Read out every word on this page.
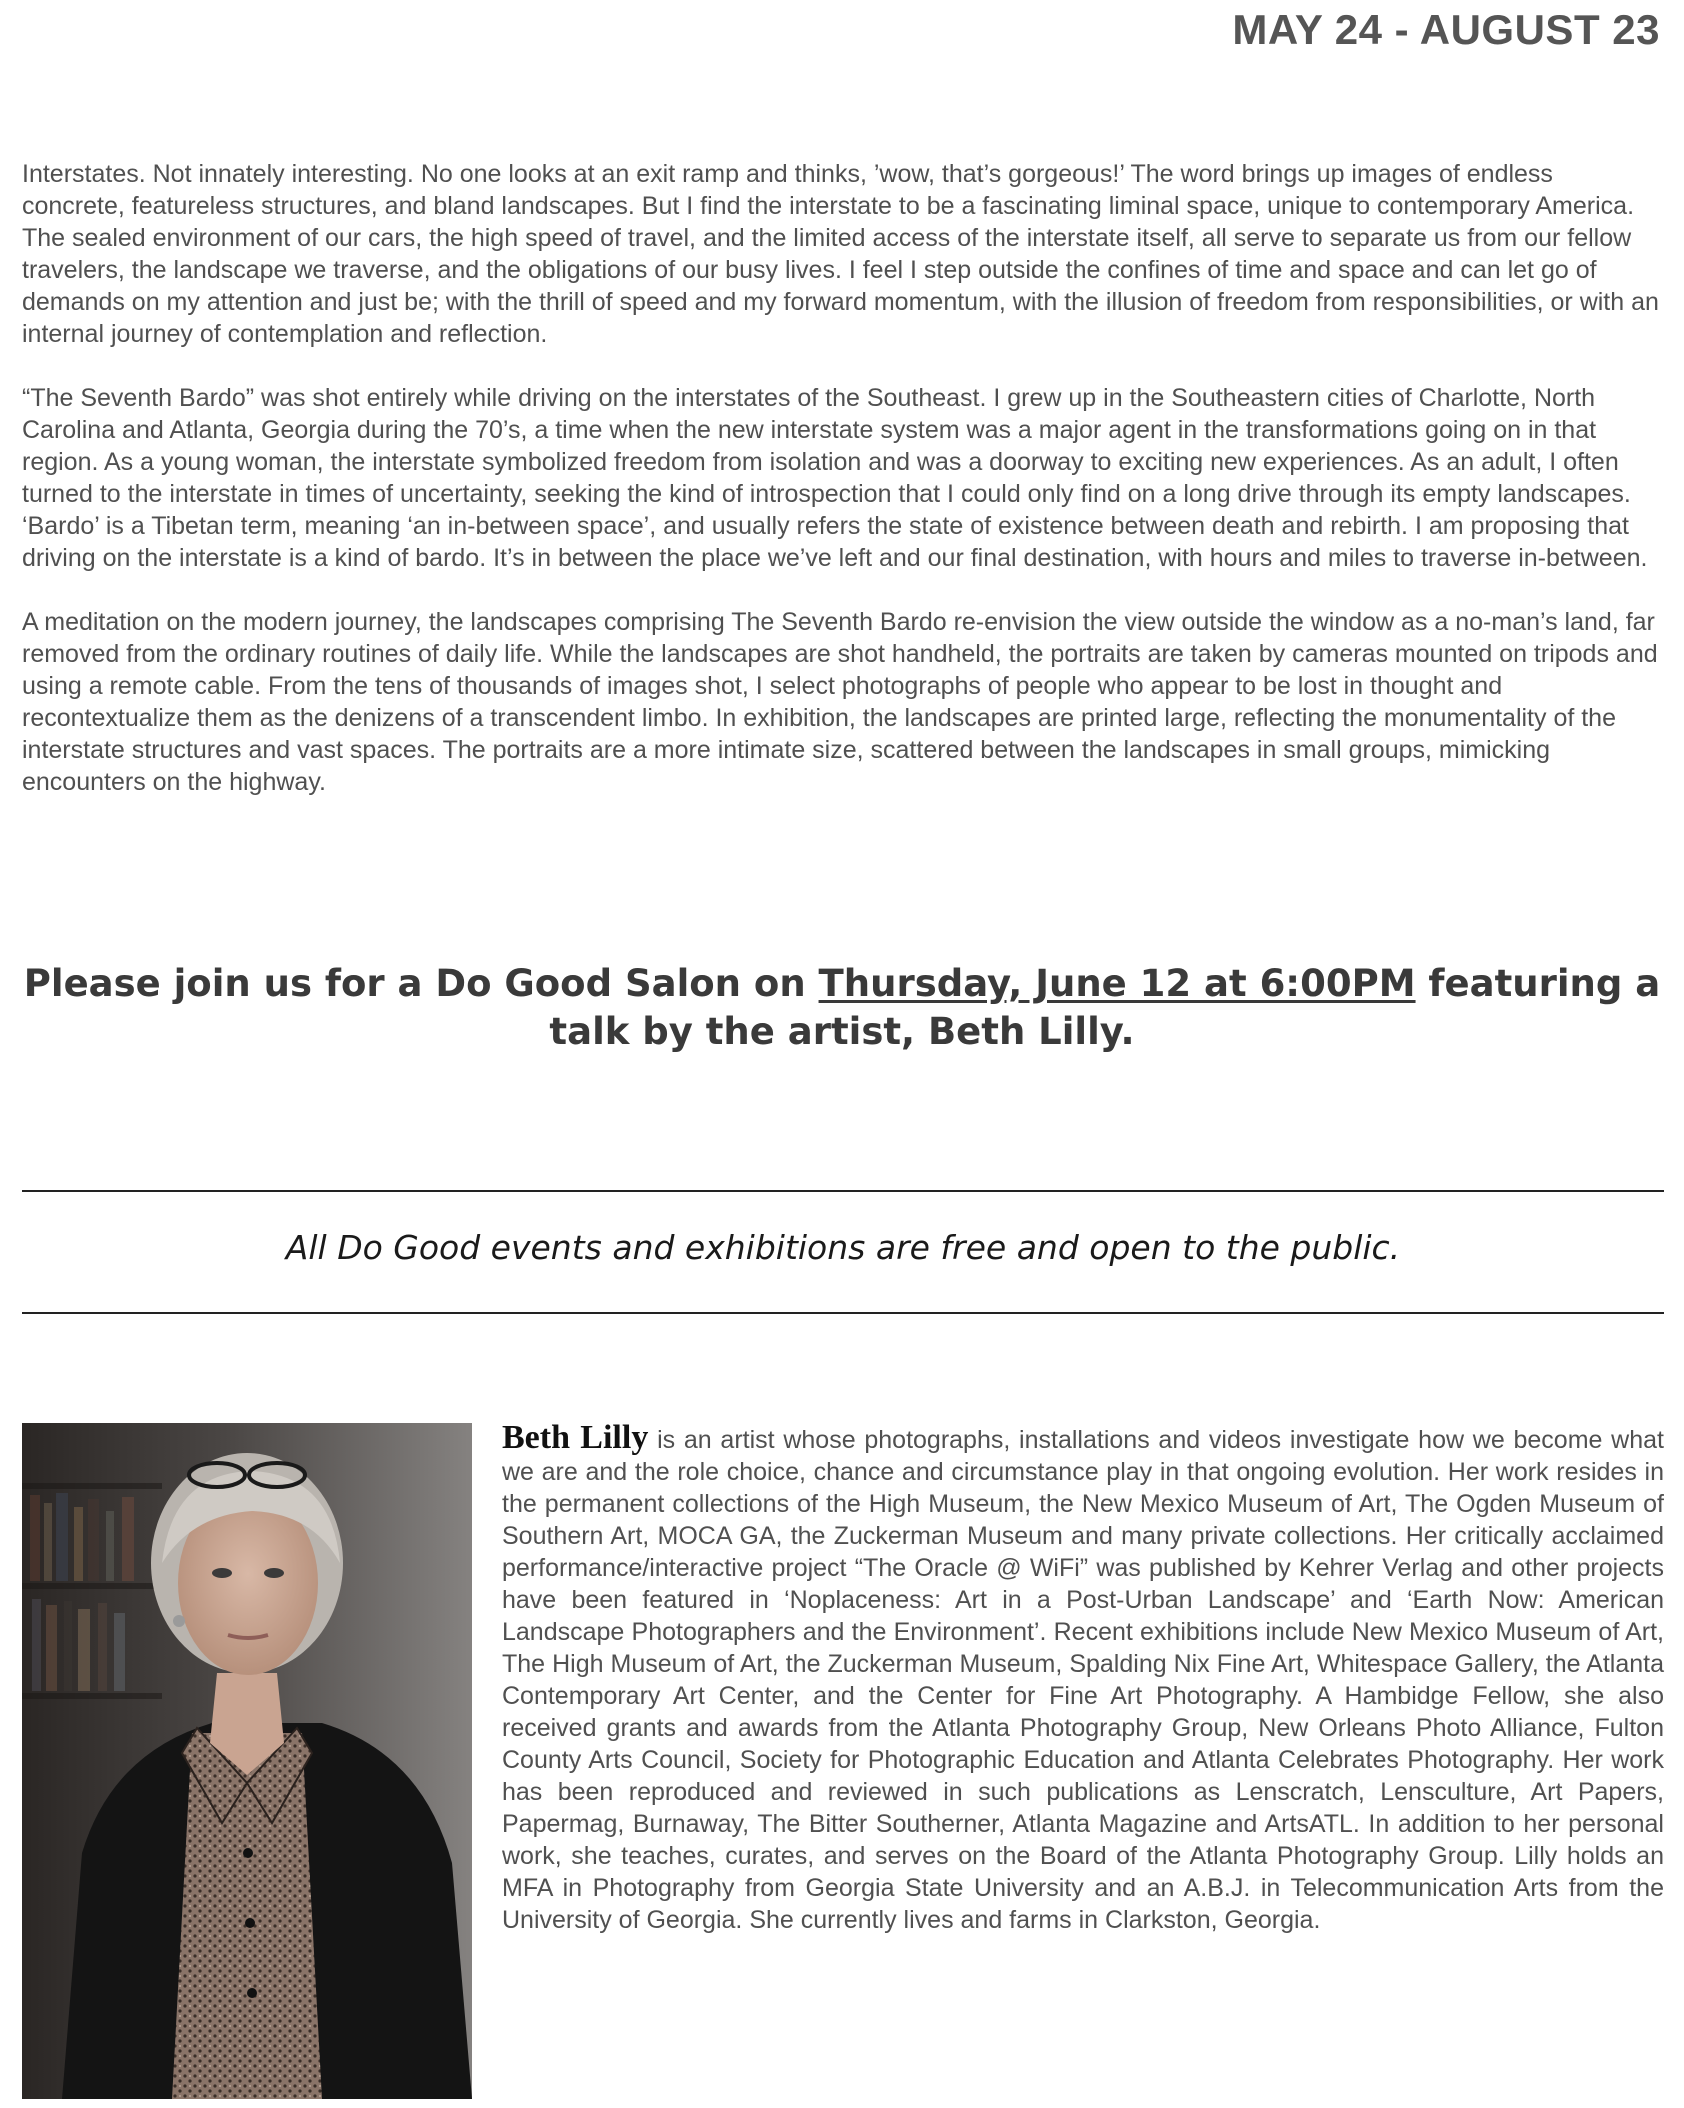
MAY 24 - AUGUST 23

Interstates. Not innately interesting. No one looks at an exit ramp and thinks, ’wow, that’s gorgeous!’ The word brings up images of endless concrete, featureless structures, and bland landscapes. But I find the interstate to be a fascinating liminal space, unique to contemporary America. The sealed environment of our cars, the high speed of travel, and the limited access of the interstate itself, all serve to separate us from our fellow travelers, the landscape we traverse, and the obligations of our busy lives. I feel I step outside the confines of time and space and can let go of demands on my attention and just be; with the thrill of speed and my forward momentum, with the illusion of freedom from responsibilities, or with an internal journey of contemplation and reflection.

“The Seventh Bardo” was shot entirely while driving on the interstates of the Southeast. I grew up in the Southeastern cities of Charlotte, North Carolina and Atlanta, Georgia during the 70’s, a time when the new interstate system was a major agent in the transformations going on in that region. As a young woman, the interstate symbolized freedom from isolation and was a doorway to exciting new experiences. As an adult, I often turned to the interstate in times of uncertainty, seeking the kind of introspection that I could only find on a long drive through its empty landscapes. ‘Bardo’ is a Tibetan term, meaning ‘an in-between space’, and usually refers the state of existence between death and rebirth. I am proposing that driving on the interstate is a kind of bardo. It’s in between the place we’ve left and our final destination, with hours and miles to traverse in-between.

A meditation on the modern journey, the landscapes comprising The Seventh Bardo re-envision the view outside the window as a no-man’s land, far removed from the ordinary routines of daily life. While the landscapes are shot handheld, the portraits are taken by cameras mounted on tripods and using a remote cable. From the tens of thousands of images shot, I select photographs of people who appear to be lost in thought and recontextualize them as the denizens of a transcendent limbo. In exhibition, the landscapes are printed large, reflecting the monumentality of the interstate structures and vast spaces. The portraits are a more intimate size, scattered between the landscapes in small groups, mimicking encounters on the highway.

Please join us for a Do Good Salon on Thursday, June 12 at 6:00PM featuring a talk by the artist, Beth Lilly.
All Do Good events and exhibitions are free and open to the public.
Beth Lilly is an artist whose photographs, installations and videos investigate how we become what we are and the role choice, chance and circumstance play in that ongoing evolution. Her work resides in the permanent collections of the High Museum, the New Mexico Museum of Art, The Ogden Museum of Southern Art, MOCA GA, the Zuckerman Museum and many private collections. Her critically acclaimed performance/interactive project “The Oracle @ WiFi” was published by Kehrer Verlag and other projects have been featured in ‘Noplaceness: Art in a Post-Urban Landscape’ and ‘Earth Now: American Landscape Photographers and the Environment’. Recent exhibitions include New Mexico Museum of Art, The High Museum of Art, the Zuckerman Museum, Spalding Nix Fine Art, Whitespace Gallery, the Atlanta Contemporary Art Center, and the Center for Fine Art Photography. A Hambidge Fellow, she also received grants and awards from the Atlanta Photography Group, New Orleans Photo Alliance, Fulton County Arts Council, Society for Photographic Education and Atlanta Celebrates Photography. Her work has been reproduced and reviewed in such publications as Lenscratch, Lensculture, Art Papers, Papermag, Burnaway, The Bitter Southerner, Atlanta Magazine and ArtsATL. In addition to her personal work, she teaches, curates, and serves on the Board of the Atlanta Photography Group. Lilly holds an MFA in Photography from Georgia State University and an A.B.J. in Telecommunication Arts from the University of Georgia. She currently lives and farms in Clarkston, Georgia.
